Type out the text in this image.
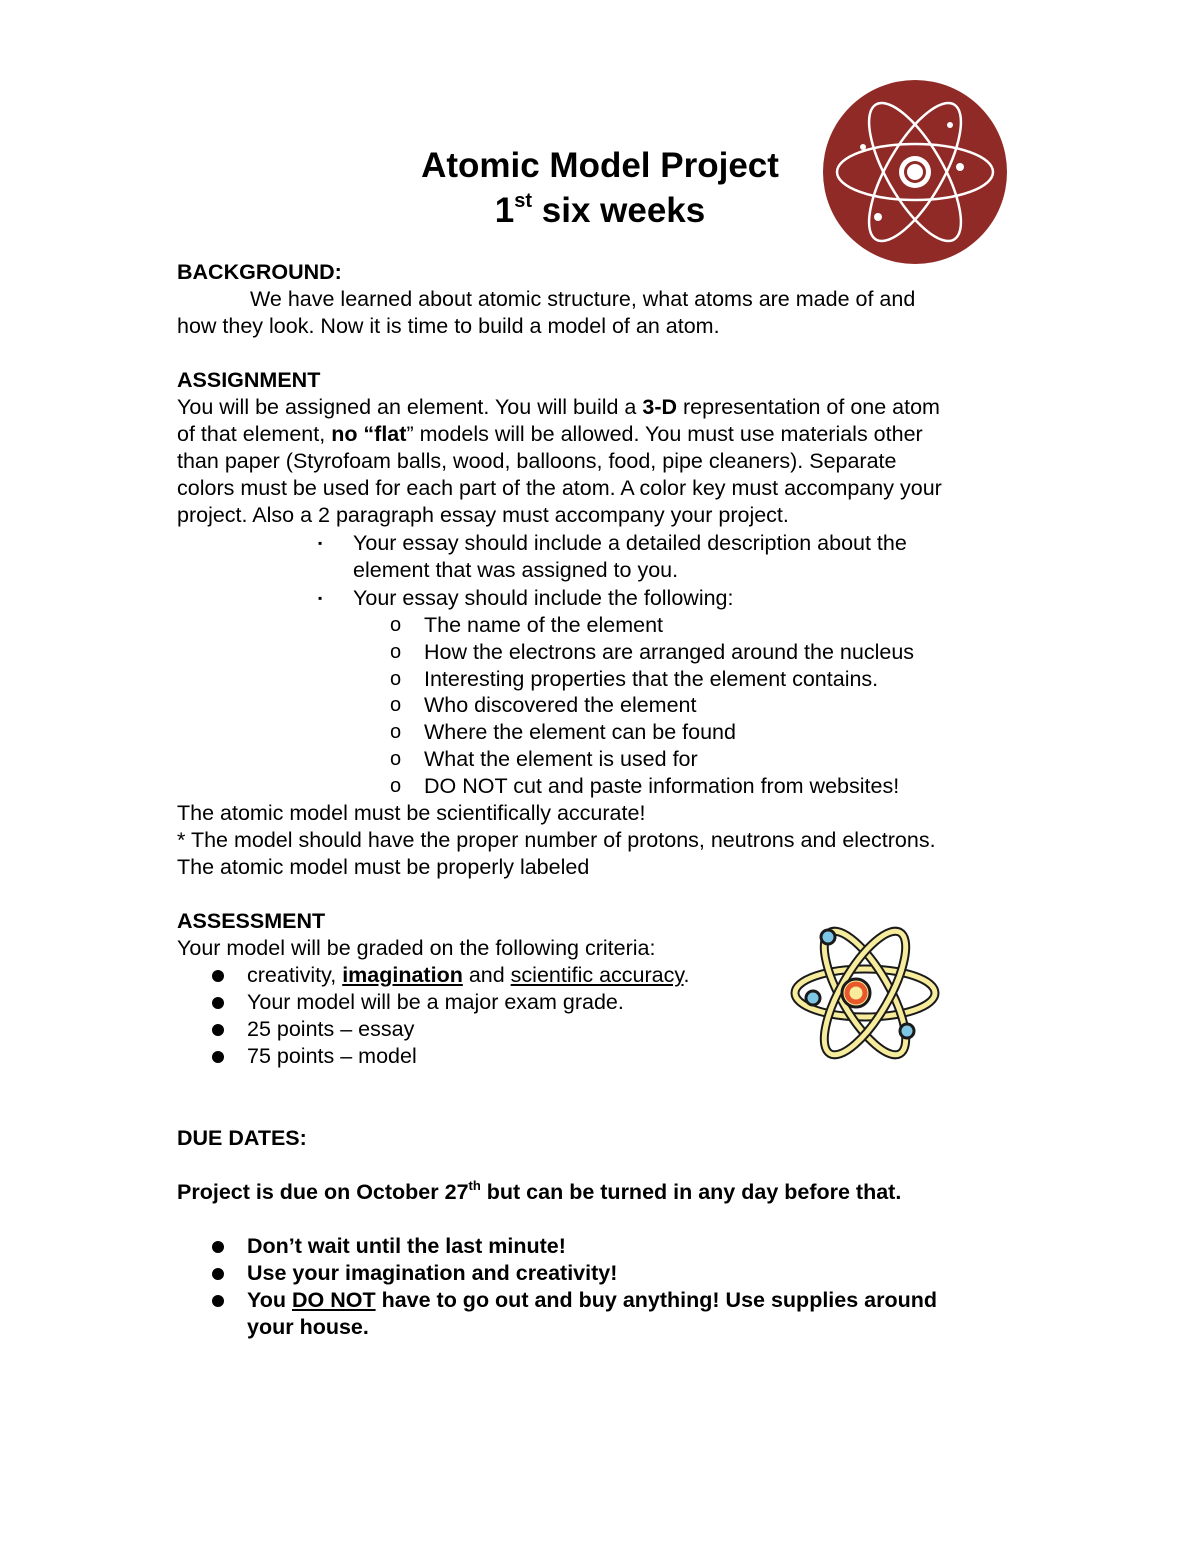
Atomic Model Project
1st six weeks
BACKGROUND:
We have learned about atomic structure, what atoms are made of and
how they look. Now it is time to build a model of an atom.
ASSIGNMENT
You will be assigned an element. You will build a 3-D representation of one atom
of that element, no “flat” models will be allowed. You must use materials other
than paper (Styrofoam balls, wood, balloons, food, pipe cleaners). Separate
colors must be used for each part of the atom. A color key must accompany your
project. Also a 2 paragraph essay must accompany your project.
▪	Your essay should include a detailed description about the
element that was assigned to you.
▪	Your essay should include the following:
o The name of the element
o How the electrons are arranged around the nucleus
o Interesting properties that the element contains.
o Who discovered the element
o Where the element can be found
o What the element is used for
o DO NOT cut and paste information from websites!
The atomic model must be scientifically accurate!
* The model should have the proper number of protons, neutrons and electrons.
The atomic model must be properly labeled
ASSESSMENT
Your model will be graded on the following criteria:
creativity, imagination and scientific accuracy.
Your model will be a major exam grade.
25 points – essay
75 points – model
DUE DATES:
Project is due on October 27th but can be turned in any day before that.
Don’t wait until the last minute!
Use your imagination and creativity!
You DO NOT have to go out and buy anything! Use supplies around
your house.
